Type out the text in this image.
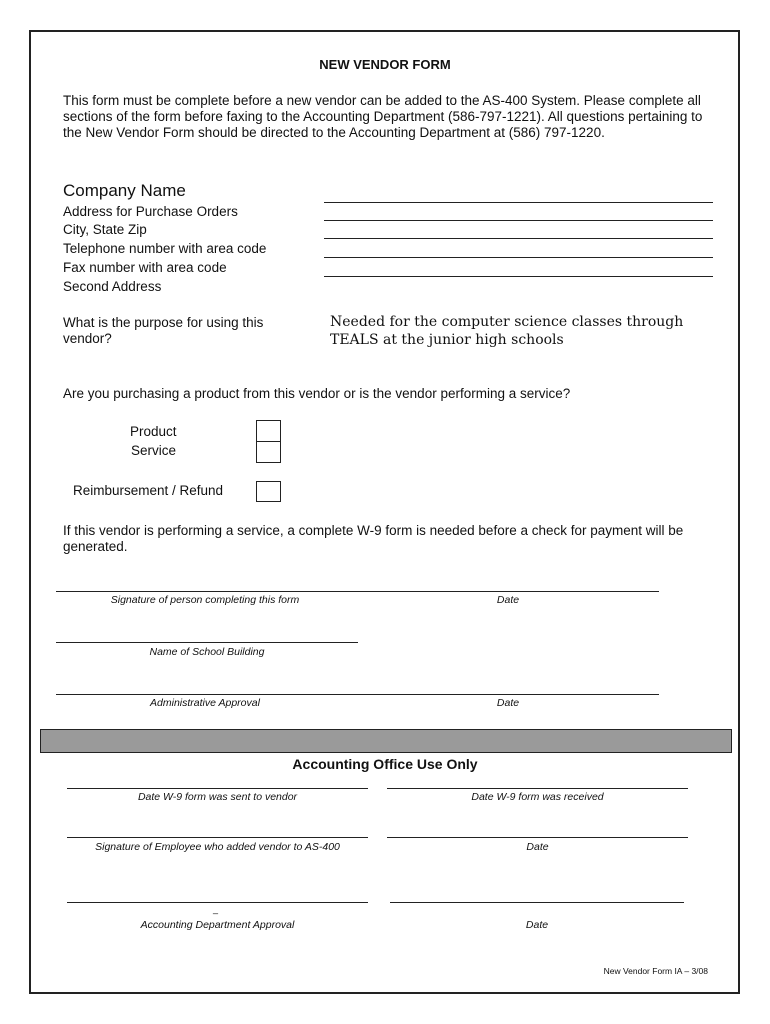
NEW VENDOR FORM
This form must be complete before a new vendor can be added to the AS-400 System. Please complete all sections of the form before faxing to the Accounting Department (586-797-1221). All questions pertaining to the New Vendor Form should be directed to the Accounting Department at (586) 797-1220.
Company Name
Address for Purchase Orders
City, State Zip
Telephone number with area code
Fax number with area code
Second Address
What is the purpose for using this vendor?
Needed for the computer science classes through TEALS at the junior high schools
Are you purchasing a product from this vendor or is the vendor performing a service?
Product
Service
Reimbursement / Refund
If this vendor is performing a service, a complete W-9 form is needed before a check for payment will be generated.
Signature of person completing this form	Date
Name of School Building
Administrative Approval	Date
Accounting Office Use Only
Date W-9 form was sent to vendor	Date W-9 form was received
Signature of Employee who added vendor to AS-400	Date
_
Accounting Department Approval	Date
New Vendor Form IA – 3/08
